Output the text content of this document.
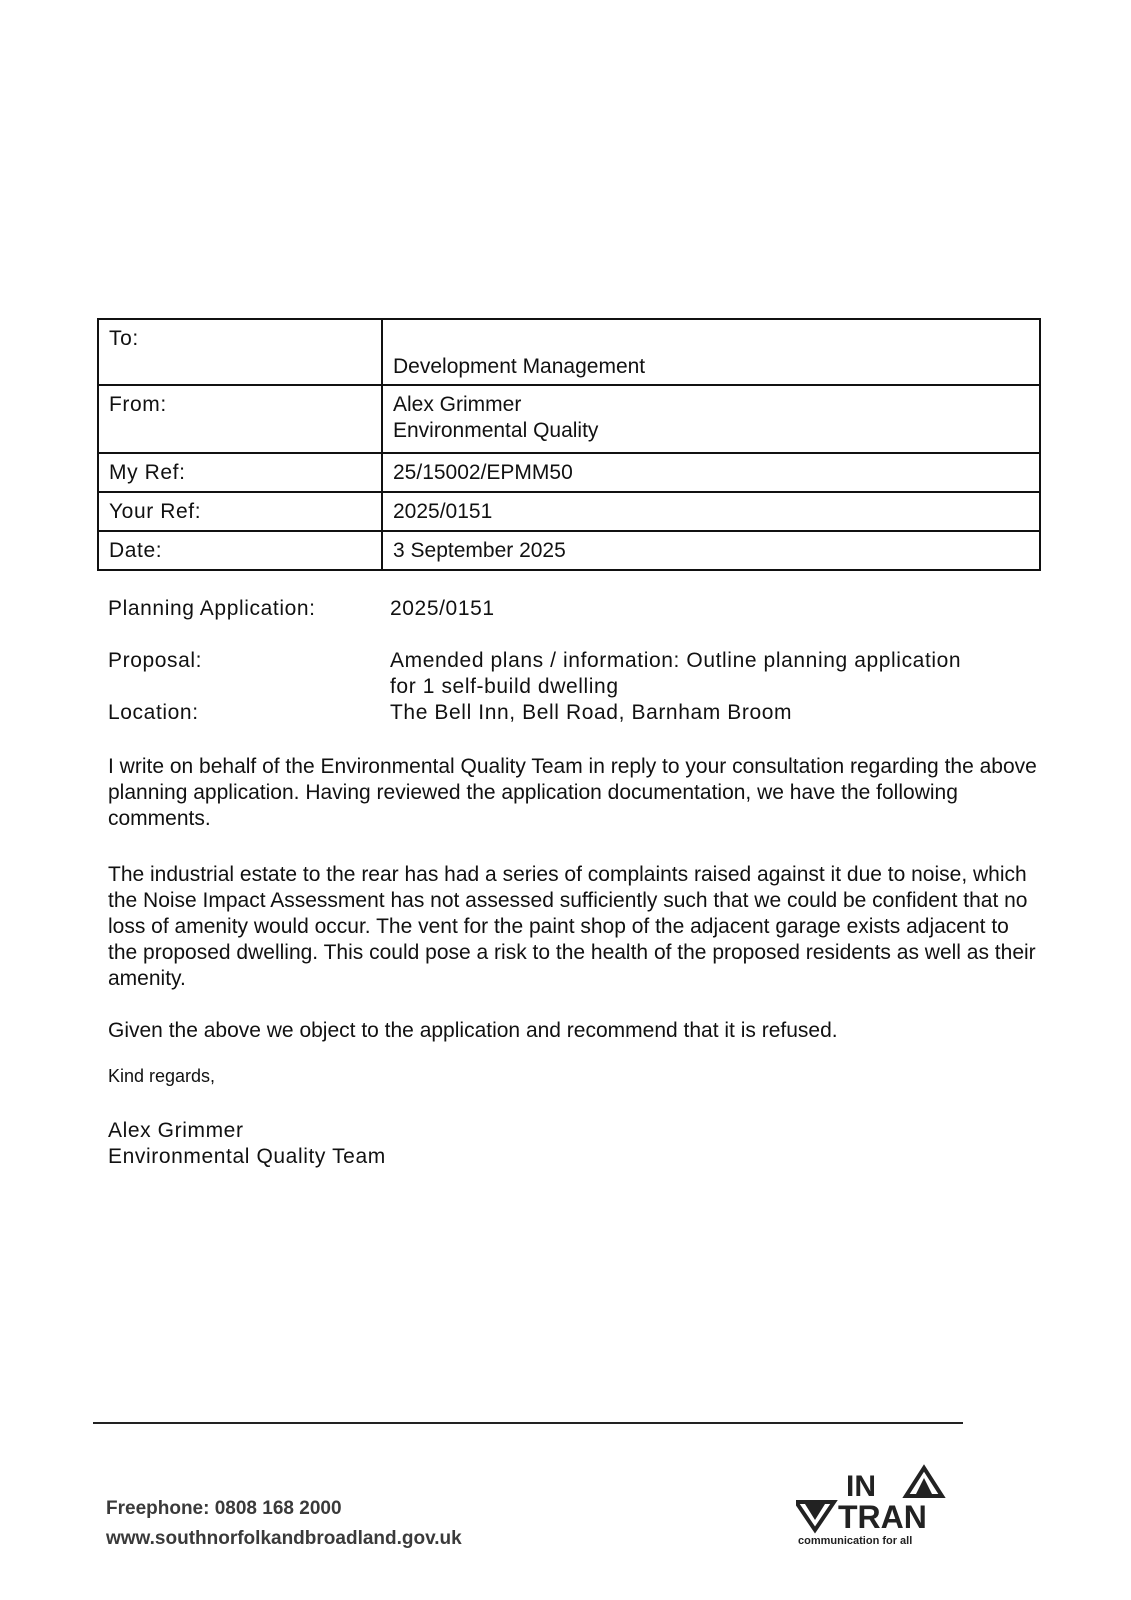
To:	Development Management
From:	Alex Grimmer
Environmental Quality

My Ref:	25/15002/EPMM50
Your Ref:	2025/0151
Date:	3 September 2025
Planning Application:	2025/0151
Proposal:	Amended plans / information: Outline planning application
for 1 self-build dwelling
Location:	The Bell Inn, Bell Road, Barnham Broom
I write on behalf of the Environmental Quality Team in reply to your consultation regarding the above planning application. Having reviewed the application documentation, we have the following comments.
The industrial estate to the rear has had a series of complaints raised against it due to noise, which the Noise Impact Assessment has not assessed sufficiently such that we could be confident that no loss of amenity would occur. The vent for the paint shop of the adjacent garage exists adjacent to the proposed dwelling. This could pose a risk to the health of the proposed residents as well as their amenity.
Given the above we object to the application and recommend that it is refused.
Kind regards,
Alex Grimmer
Environmental Quality Team
Freephone: 0808 168 2000
www.southnorfolkandbroadland.gov.uk
IN
TRAN
communication for all
